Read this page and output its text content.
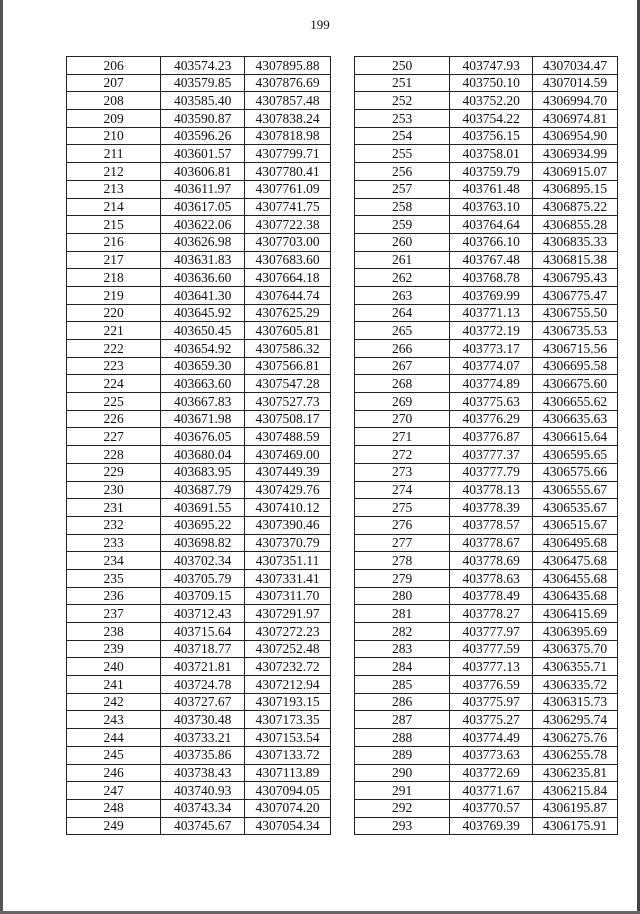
199
206	403574.23	4307895.88
207	403579.85	4307876.69
208	403585.40	4307857.48
209	403590.87	4307838.24
210	403596.26	4307818.98
211	403601.57	4307799.71
212	403606.81	4307780.41
213	403611.97	4307761.09
214	403617.05	4307741.75
215	403622.06	4307722.38
216	403626.98	4307703.00
217	403631.83	4307683.60
218	403636.60	4307664.18
219	403641.30	4307644.74
220	403645.92	4307625.29
221	403650.45	4307605.81
222	403654.92	4307586.32
223	403659.30	4307566.81
224	403663.60	4307547.28
225	403667.83	4307527.73
226	403671.98	4307508.17
227	403676.05	4307488.59
228	403680.04	4307469.00
229	403683.95	4307449.39
230	403687.79	4307429.76
231	403691.55	4307410.12
232	403695.22	4307390.46
233	403698.82	4307370.79
234	403702.34	4307351.11
235	403705.79	4307331.41
236	403709.15	4307311.70
237	403712.43	4307291.97
238	403715.64	4307272.23
239	403718.77	4307252.48
240	403721.81	4307232.72
241	403724.78	4307212.94
242	403727.67	4307193.15
243	403730.48	4307173.35
244	403733.21	4307153.54
245	403735.86	4307133.72
246	403738.43	4307113.89
247	403740.93	4307094.05
248	403743.34	4307074.20
249	403745.67	4307054.34
250	403747.93	4307034.47
251	403750.10	4307014.59
252	403752.20	4306994.70
253	403754.22	4306974.81
254	403756.15	4306954.90
255	403758.01	4306934.99
256	403759.79	4306915.07
257	403761.48	4306895.15
258	403763.10	4306875.22
259	403764.64	4306855.28
260	403766.10	4306835.33
261	403767.48	4306815.38
262	403768.78	4306795.43
263	403769.99	4306775.47
264	403771.13	4306755.50
265	403772.19	4306735.53
266	403773.17	4306715.56
267	403774.07	4306695.58
268	403774.89	4306675.60
269	403775.63	4306655.62
270	403776.29	4306635.63
271	403776.87	4306615.64
272	403777.37	4306595.65
273	403777.79	4306575.66
274	403778.13	4306555.67
275	403778.39	4306535.67
276	403778.57	4306515.67
277	403778.67	4306495.68
278	403778.69	4306475.68
279	403778.63	4306455.68
280	403778.49	4306435.68
281	403778.27	4306415.69
282	403777.97	4306395.69
283	403777.59	4306375.70
284	403777.13	4306355.71
285	403776.59	4306335.72
286	403775.97	4306315.73
287	403775.27	4306295.74
288	403774.49	4306275.76
289	403773.63	4306255.78
290	403772.69	4306235.81
291	403771.67	4306215.84
292	403770.57	4306195.87
293	403769.39	4306175.91
